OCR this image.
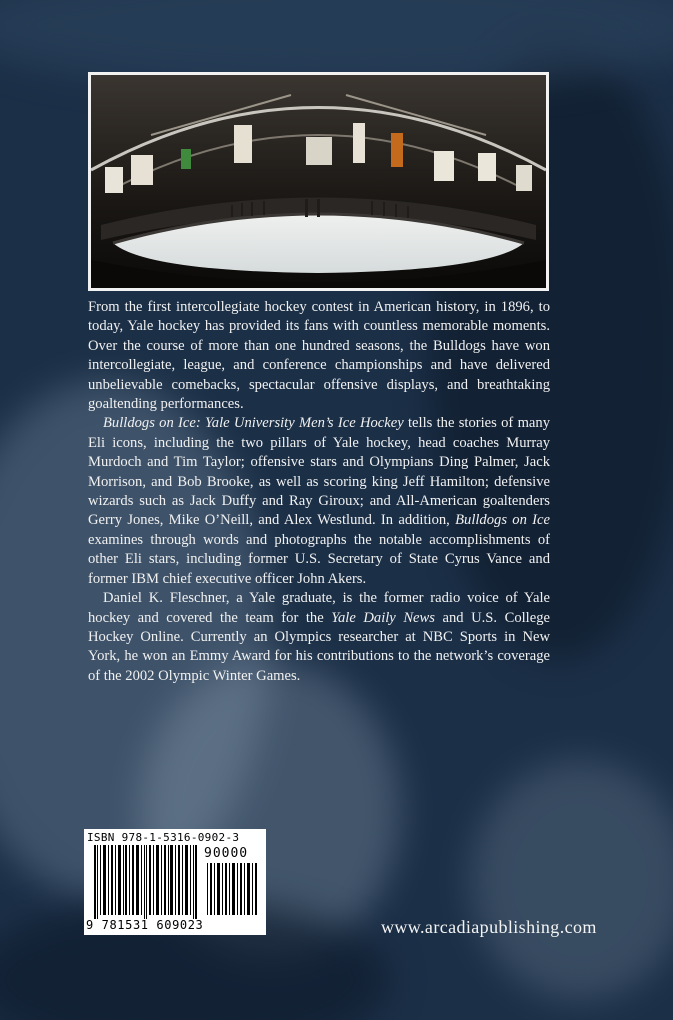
From the first intercollegiate hockey contest in American history, in 1896, to today, Yale hockey has provided its fans with countless memorable moments. Over the course of more than one hundred seasons, the Bulldogs have won intercollegiate, league, and conference championships and have delivered unbelievable comebacks, spectacular offensive displays, and breathtaking goaltending performances.

Bulldogs on Ice: Yale University Men’s Ice Hockey tells the stories of many Eli icons, including the two pillars of Yale hockey, head coaches Murray Murdoch and Tim Taylor; offensive stars and Olympians Ding Palmer, Jack Morrison, and Bob Brooke, as well as scoring king Jeff Hamilton; defensive wizards such as Jack Duffy and Ray Giroux; and All-American goaltenders Gerry Jones, Mike O’Neill, and Alex Westlund. In addition, Bulldogs on Ice examines through words and photographs the notable accomplishments of other Eli stars, including former U.S. Secretary of State Cyrus Vance and former IBM chief executive officer John Akers.

Daniel K. Fleschner, a Yale graduate, is the former radio voice of Yale hockey and covered the team for the Yale Daily News and U.S. College Hockey Online. Currently an Olympics researcher at NBC Sports in New York, he won an Emmy Award for his contributions to the network’s coverage of the 2002 Olympic Winter Games.

ISBN 978-1-5316-0902-3
90000
9 781531 609023	www.arcadiapublishing.com
